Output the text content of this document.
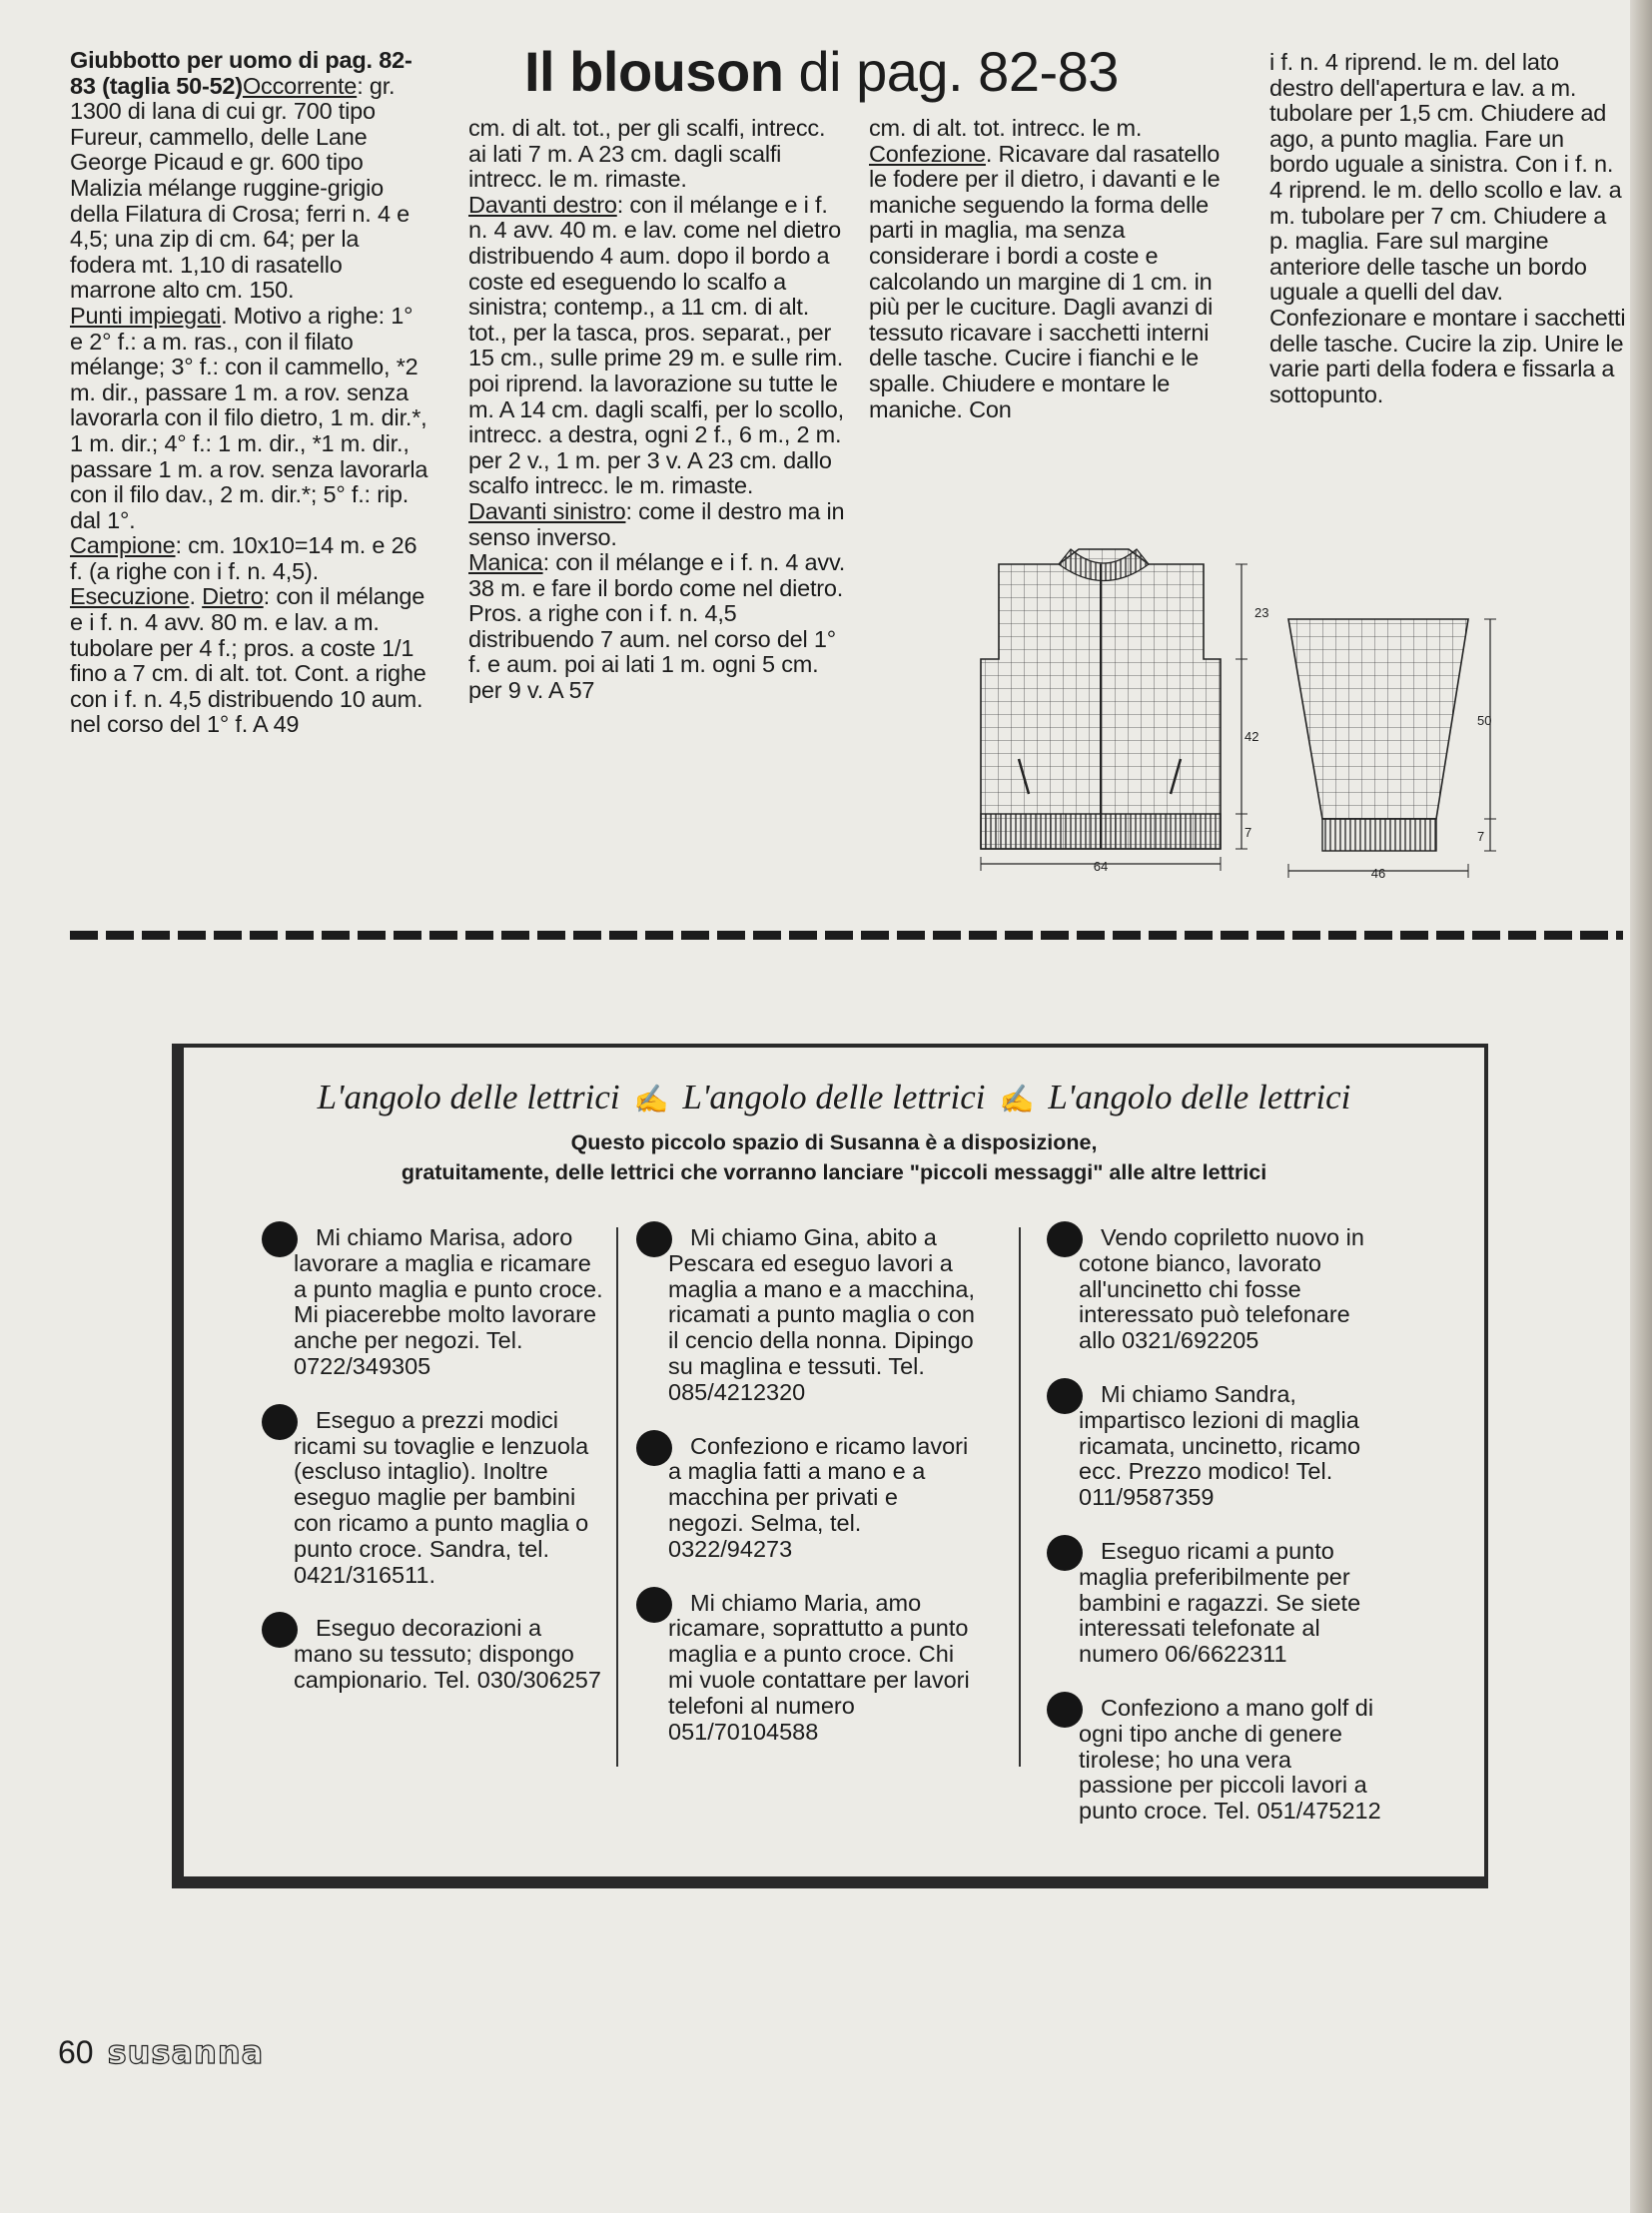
Giubbotto per uomo di pag. 82-83 (taglia 50-52)Occorrente: gr. 1300 di lana di cui gr. 700 tipo Fureur, cammello, delle Lane George Picaud e gr. 600 tipo Malizia mélange ruggine-grigio della Filatura di Crosa; ferri n. 4 e 4,5; una zip di cm. 64; per la fodera mt. 1,10 di rasatello marrone alto cm. 150.

Punti impiegati. Motivo a righe: 1° e 2° f.: a m. ras., con il filato mélange; 3° f.: con il cammello, *2 m. dir., passare 1 m. a rov. senza lavorarla con il filo dietro, 1 m. dir.*, 1 m. dir.; 4° f.: 1 m. dir., *1 m. dir., passare 1 m. a rov. senza lavorarla con il filo dav., 2 m. dir.*; 5° f.: rip. dal 1°.

Campione: cm. 10x10=14 m. e 26 f. (a righe con i f. n. 4,5).

Esecuzione. Dietro: con il mélange e i f. n. 4 avv. 80 m. e lav. a m. tubolare per 4 f.; pros. a coste 1/1 fino a 7 cm. di alt. tot. Cont. a righe con i f. n. 4,5 distribuendo 10 aum. nel corso del 1° f. A 49

Il blouson di pag. 82-83

cm. di alt. tot., per gli scalfi, intrecc. ai lati 7 m. A 23 cm. dagli scalfi intrecc. le m. rimaste.

Davanti destro: con il mélange e i f. n. 4 avv. 40 m. e lav. come nel dietro distribuendo 4 aum. dopo il bordo a coste ed eseguendo lo scalfo a sinistra; contemp., a 11 cm. di alt. tot., per la tasca, pros. separat., per 15 cm., sulle prime 29 m. e sulle rim. poi riprend. la lavorazione su tutte le m. A 14 cm. dagli scalfi, per lo scollo, intrecc. a destra, ogni 2 f., 6 m., 2 m. per 2 v., 1 m. per 3 v. A 23 cm. dallo scalfo intrecc. le m. rimaste.

Davanti sinistro: come il destro ma in senso inverso.

Manica: con il mélange e i f. n. 4 avv. 38 m. e fare il bordo come nel dietro. Pros. a righe con i f. n. 4,5 distribuendo 7 aum. nel corso del 1° f. e aum. poi ai lati 1 m. ogni 5 cm. per 9 v. A 57

cm. di alt. tot. intrecc. le m.

Confezione. Ricavare dal rasatello le fodere per il dietro, i davanti e le maniche seguendo la forma delle parti in maglia, ma senza considerare i bordi a coste e calcolando un margine di 1 cm. in più per le cuciture. Dagli avanzi di tessuto ricavare i sacchetti interni delle tasche. Cucire i fianchi e le spalle. Chiudere e montare le maniche. Con

i f. n. 4 riprend. le m. del lato destro dell'apertura e lav. a m. tubolare per 1,5 cm. Chiudere ad ago, a punto maglia. Fare un bordo uguale a sinistra. Con i f. n. 4 riprend. le m. dello scollo e lav. a m. tubolare per 7 cm. Chiudere a p. maglia. Fare sul margine anteriore delle tasche un bordo uguale a quelli del dav. Confezionare e montare i sacchetti delle tasche. Cucire la zip. Unire le varie parti della fodera e fissarla a sottopunto.

64
23
42
7
46
50
7
L'angolo delle lettrici ✍ L'angolo delle lettrici ✍ L'angolo delle lettrici
Questo piccolo spazio di Susanna è a disposizione,
gratuitamente, delle lettrici che vorranno lanciare "piccoli messaggi" alle altre lettrici
Mi chiamo Marisa, adoro lavorare a maglia e ricamare a punto maglia e punto croce. Mi piacerebbe molto lavorare anche per negozi. Tel. 0722/349305
Eseguo a prezzi modici ricami su tovaglie e lenzuola (escluso intaglio). Inoltre eseguo maglie per bambini con ricamo a punto maglia o punto croce. Sandra, tel. 0421/316511.
Eseguo decorazioni a mano su tessuto; dispongo campionario. Tel. 030/306257
Mi chiamo Gina, abito a Pescara ed eseguo lavori a maglia a mano e a macchina, ricamati a punto maglia o con il cencio della nonna. Dipingo su maglina e tessuti. Tel. 085/4212320
Confeziono e ricamo lavori a maglia fatti a mano e a macchina per privati e negozi. Selma, tel. 0322/94273
Mi chiamo Maria, amo ricamare, soprattutto a punto maglia e a punto croce. Chi mi vuole contattare per lavori telefoni al numero 051/70104588
Vendo copriletto nuovo in cotone bianco, lavorato all'uncinetto chi fosse interessato può telefonare allo 0321/692205
Mi chiamo Sandra, impartisco lezioni di maglia ricamata, uncinetto, ricamo ecc. Prezzo modico! Tel. 011/9587359
Eseguo ricami a punto maglia preferibilmente per bambini e ragazzi. Se siete interessati telefonate al numero 06/6622311
Confeziono a mano golf di ogni tipo anche di genere tirolese; ho una vera passione per piccoli lavori a punto croce. Tel. 051/475212
60 susanna
